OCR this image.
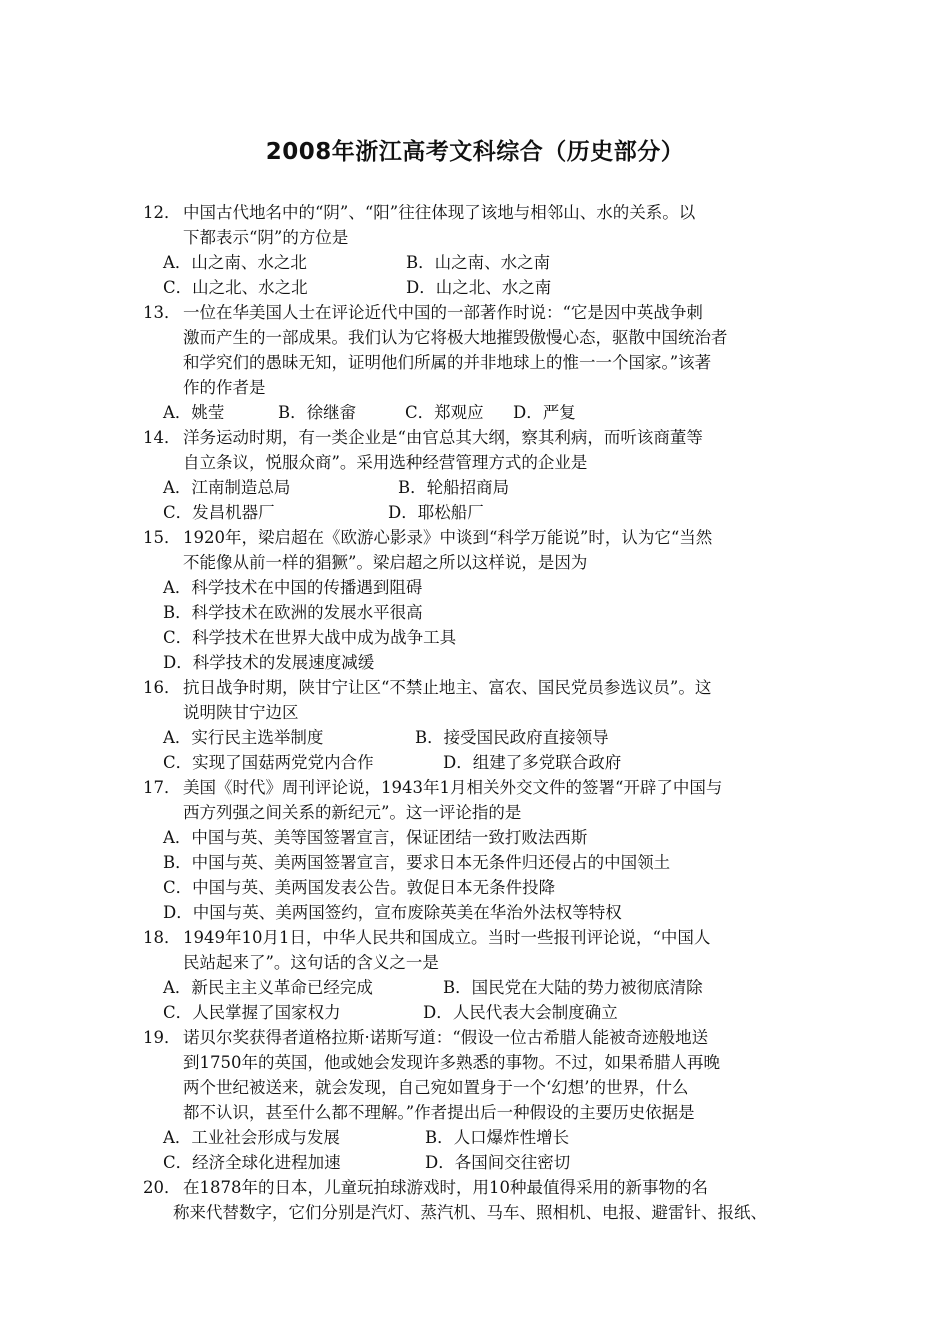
2008年浙江高考文科综合（历史部分）
12． 中国古代地名中的“阴”、“阳”往往体现了该地与相邻山、水的关系。以
下都表示“阴”的方位是
A．山之南、水之北	B．山之南、水之南
C．山之北、水之北	D．山之北、水之南
13． 一位在华美国人士在评论近代中国的一部著作时说：“它是因中英战争刺
激而产生的一部成果。我们认为它将极大地摧毁傲慢心态，驱散中国统治者
和学究们的愚昧无知，证明他们所属的并非地球上的惟一一个国家。”该著
作的作者是
A．姚莹	B．徐继畲	C．郑观应 D．严复
14． 洋务运动时期，有一类企业是“由官总其大纲，察其利病，而听该商董等
自立条议，悦服众商”。采用选种经营管理方式的企业是
A．江南制造总局	B．轮船招商局
C．发昌机器厂	D．耶松船厂
15． 1920年，梁启超在《欧游心影录》中谈到“科学万能说”时，认为它“当然
不能像从前一样的猖獗”。梁启超之所以这样说，是因为
A．科学技术在中国的传播遇到阻碍
B．科学技术在欧洲的发展水平很高
C．科学技术在世界大战中成为战争工具
D．科学技术的发展速度减缓
16． 抗日战争时期，陕甘宁让区“不禁止地主、富农、国民党员参选议员”。这
说明陕甘宁边区
A．实行民主选举制度	B．接受国民政府直接领导
C．实现了国菇两党党内合作	D．组建了多党联合政府
17． 美国《时代》周刊评论说，1943年1月相关外交文件的签署“开辟了中国与
西方列强之间关系的新纪元”。这一评论指的是
A．中国与英、美等国签署宣言，保证团结一致打败法西斯
B．中国与英、美两国签署宣言，要求日本无条件归还侵占的中国领土
C．中国与英、美两国发表公告。敦促日本无条件投降
D．中国与英、美两国签约，宣布废除英美在华治外法权等特权
18． 1949年10月1日，中华人民共和国成立。当时一些报刊评论说，“中国人
民站起来了”。这句话的含义之一是
A．新民主主义革命已经完成	B．国民党在大陆的势力被彻底清除
C．人民掌握了国家权力	D．人民代表大会制度确立
19． 诺贝尔奖获得者道格拉斯·诺斯写道：“假设一位古希腊人能被奇迹般地送
到1750年的英国，他或她会发现许多熟悉的事物。不过，如果希腊人再晚
两个世纪被送来，就会发现，自己宛如置身于一个‘幻想’的世界，什么
都不认识，甚至什么都不理解。”作者提出后一种假设的主要历史依据是
A．工业社会形成与发展	B．人口爆炸性增长
C．经济全球化进程加速	D．各国间交往密切
20． 在1878年的日本，儿童玩拍球游戏时，用10种最值得采用的新事物的名
称来代替数字，它们分别是汽灯、蒸汽机、马车、照相机、电报、避雷针、报纸、
